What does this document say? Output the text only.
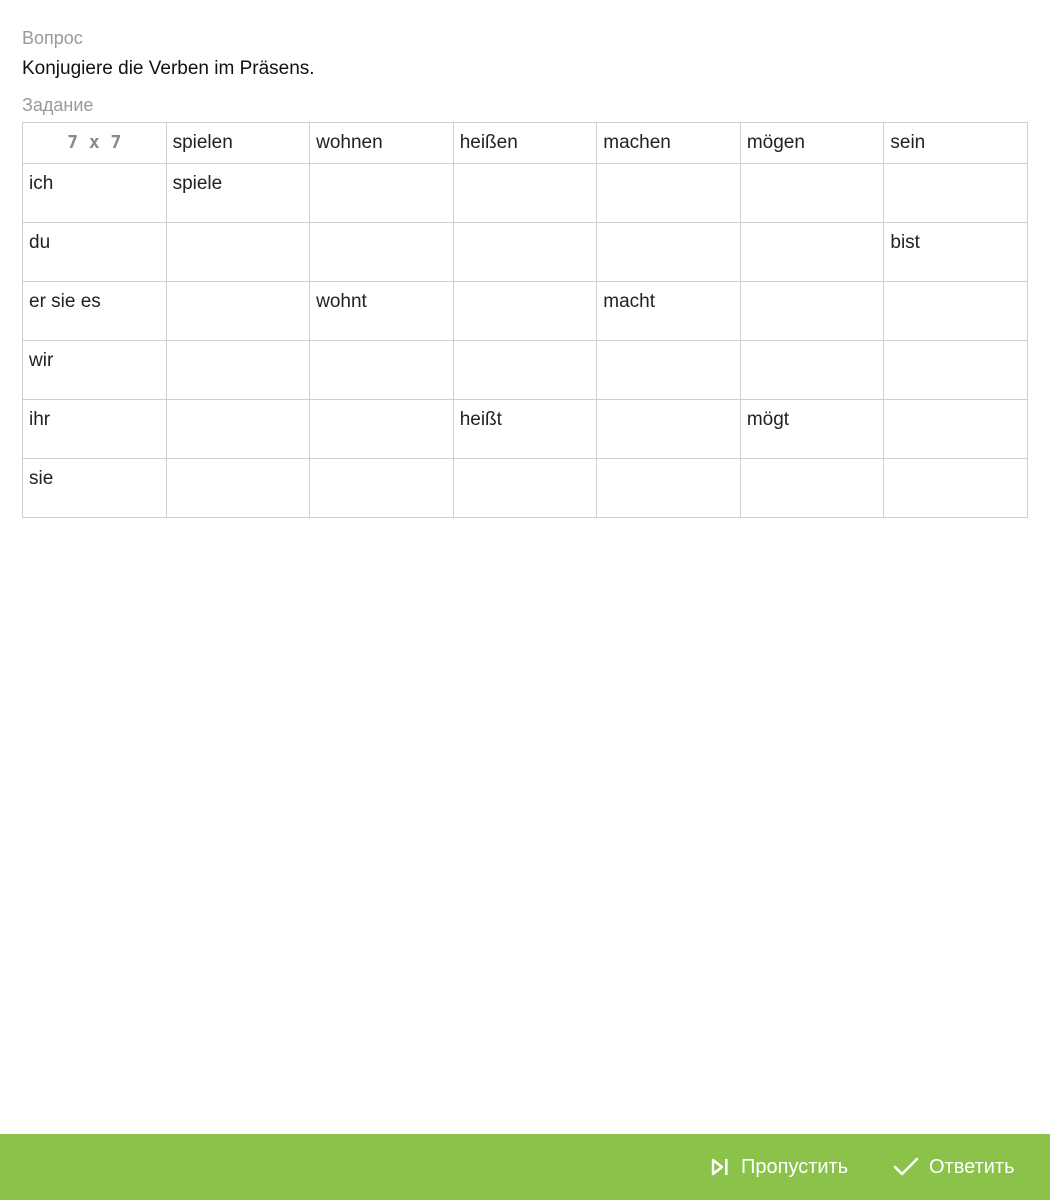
Вопрос
Konjugiere die Verben im Präsens.
Задание
7 x 7	spielen	wohnen	heißen	machen	mögen	sein
ich	spiele					
du						bist
er sie es		wohnt		macht		
wir						
ihr			heißt		mögt	
sie						
Пропустить	Ответить
